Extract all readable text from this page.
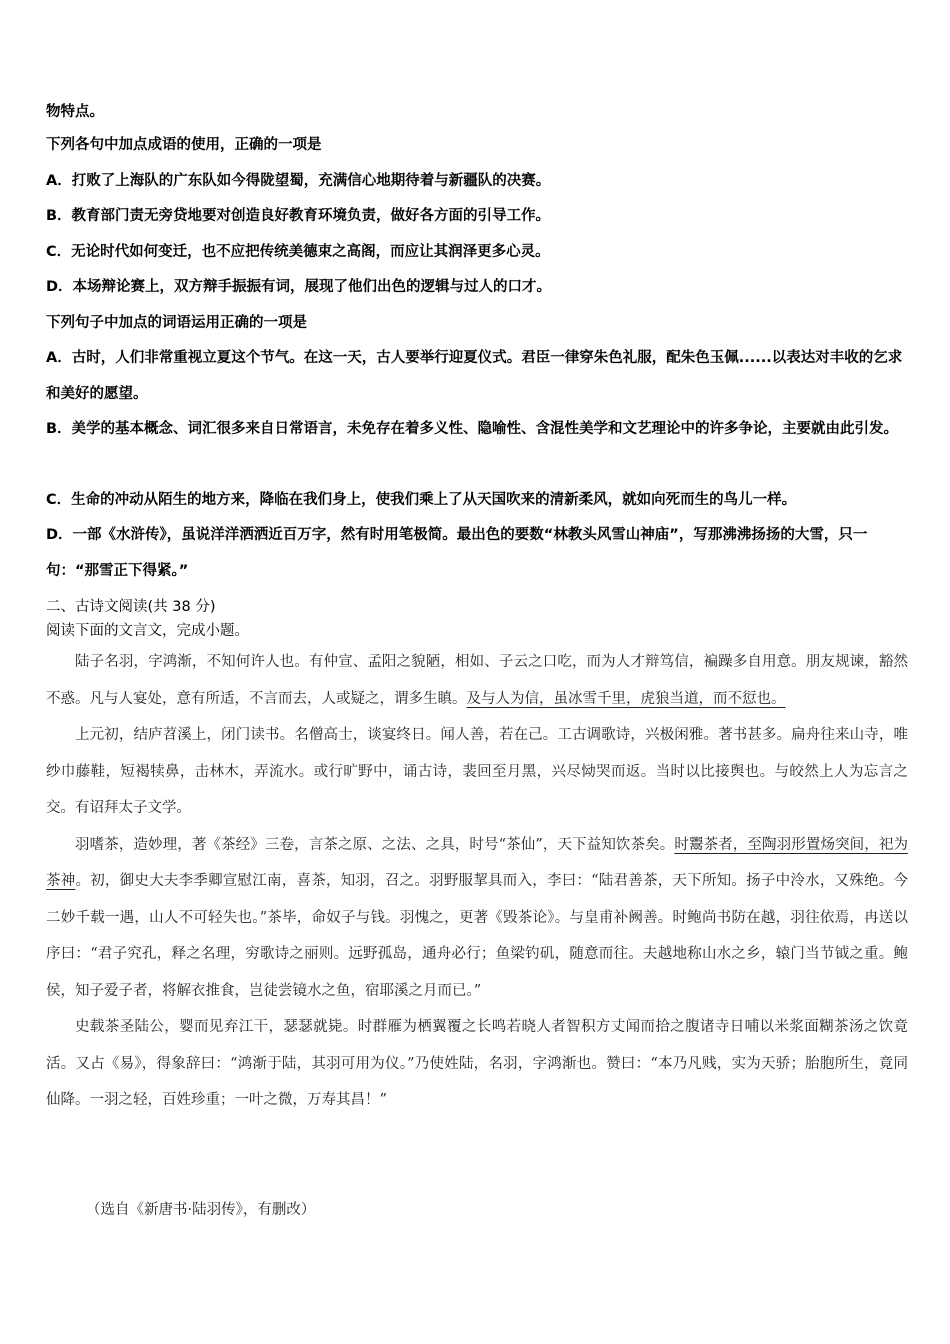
物特点。

下列各句中加点成语的使用，正确的一项是

A．打败了上海队的广东队如今得陇望蜀，充满信心地期待着与新疆队的决赛。

B．教育部门责无旁贷地要对创造良好教育环境负责，做好各方面的引导工作。

C．无论时代如何变迁，也不应把传统美德束之高阁，而应让其润泽更多心灵。

D．本场辩论赛上，双方辩手振振有词，展现了他们出色的逻辑与过人的口才。

下列句子中加点的词语运用正确的一项是

A．古时，人们非常重视立夏这个节气。在这一天，古人要举行迎夏仪式。君臣一律穿朱色礼服，配朱色玉佩......以表达对丰收的乞求和美好的愿望。

B．美学的基本概念、词汇很多来自日常语言，未免存在着多义性、隐喻性、含混性美学和文艺理论中的许多争论，主要就由此引发。

C．生命的冲动从陌生的地方来，降临在我们身上，使我们乘上了从天国吹来的清新柔风，就如向死而生的鸟儿一样。

D．一部《水浒传》，虽说洋洋洒洒近百万字，然有时用笔极简。最出色的要数“林教头风雪山神庙”，写那沸沸扬扬的大雪，只一句：“那雪正下得紧。”

二、古诗文阅读(共 38 分)

阅读下面的文言文，完成小题。

陆子名羽，字鸿渐，不知何许人也。有仲宣、孟阳之貌陋，相如、子云之口吃，而为人才辩笃信，褊躁多自用意。朋友规谏，豁然不惑。凡与人宴处，意有所适，不言而去，人或疑之，谓多生瞋。及与人为信，虽冰雪千里，虎狼当道，而不愆也。

上元初，结庐苕溪上，闭门读书。名僧高士，谈宴终日。闻人善，若在己。工古调歌诗，兴极闲雅。著书甚多。扁舟往来山寺，唯纱巾藤鞋，短褐犊鼻，击林木，弄流水。或行旷野中，诵古诗，裴回至月黑，兴尽恸哭而返。当时以比接舆也。与皎然上人为忘言之交。有诏拜太子文学。

羽嗜茶，造妙理，著《茶经》三卷，言茶之原、之法、之具，时号“茶仙”，天下益知饮茶矣。时鬻茶者，至陶羽形置炀突间，祀为茶神。初，御史大夫李季卿宣慰江南，喜茶，知羽，召之。羽野服挈具而入，李曰：“陆君善茶，天下所知。扬子中泠水，又殊绝。今二妙千载一遇，山人不可轻失也。”茶毕，命奴子与钱。羽愧之，更著《毁茶论》。与皇甫补阙善。时鲍尚书防在越，羽往依焉，冉送以序曰：“君子究孔，释之名理，穷歌诗之丽则。远野孤岛，通舟必行；鱼梁钓矶，随意而往。夫越地称山水之乡，辕门当节钺之重。鲍侯，知子爱子者，将解衣推食，岂徒尝镜水之鱼，宿耶溪之月而已。”

史载茶圣陆公，婴而见弃江干，瑟瑟就毙。时群雁为栖翼覆之长鸣若晓人者智积方丈闻而拾之腹诸寺日哺以米浆面糊茶汤之饮竟活。又占《易》，得象辞曰：“鸿渐于陆，其羽可用为仪。”乃使姓陆，名羽，字鸿渐也。赞曰：“本乃凡贱，实为天骄；胎胞所生，竟同仙降。一羽之轻，百姓珍重；一叶之微，万寿其昌！”

（选自《新唐书·陆羽传》，有删改）
